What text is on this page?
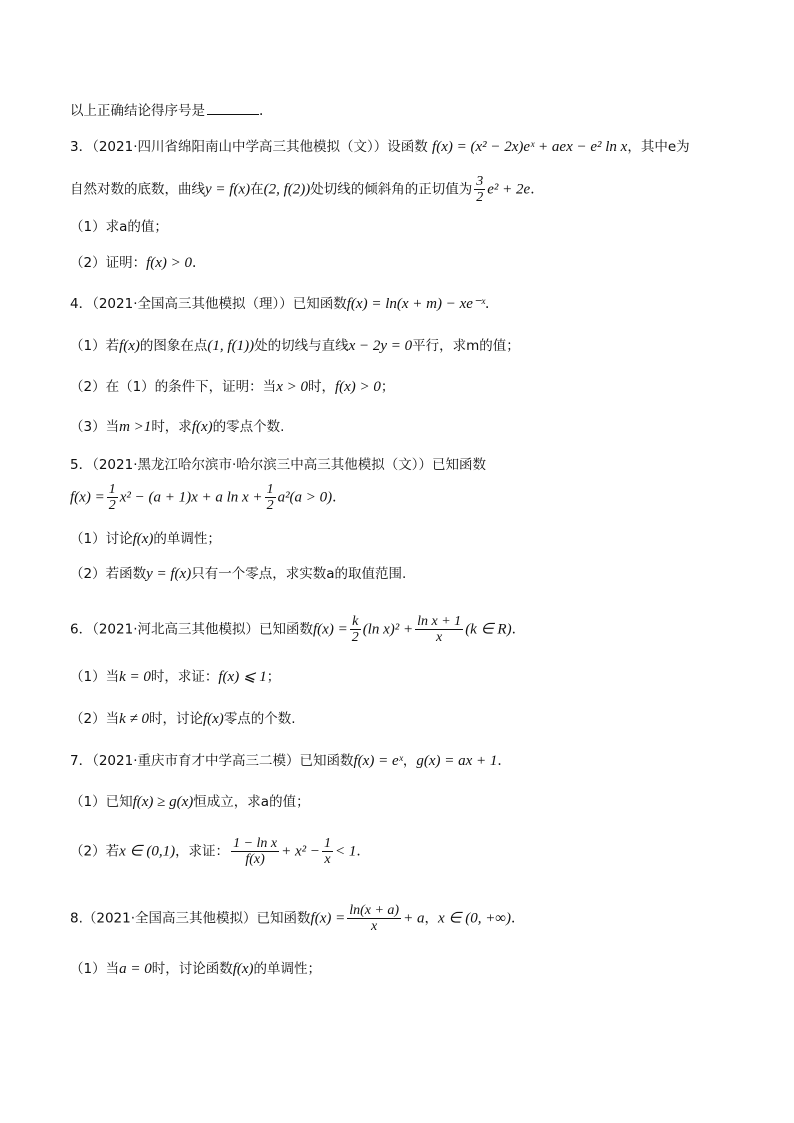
以上正确结论得序号是	.
3．（2021·四川省绵阳南山中学高三其他模拟（文））设函数 f(x) = (x² − 2x)eˣ + aex − e² ln x，其中e为
自然对数的底数，曲线y = f(x)在(2, f(2))处切线的倾斜角的正切值为 $\frac{3}{2} e^2 + 2e$.
（1）求a的值；
（2）证明：f(x) > 0.
4．（2021·全国高三其他模拟（理））已知函数f(x) = ln(x + m) − xe⁻ˣ.
（1）若f(x)的图象在点(1, f(1))处的切线与直线x − 2y = 0平行，求m的值；
（2）在（1）的条件下，证明：当x > 0时，f(x) > 0；
（3）当m >1时，求f(x)的零点个数.
5．（2021·黑龙江哈尔滨市·哈尔滨三中高三其他模拟（文））已知函数
$f(x) = \frac{1}{2} x^2 - (a + 1)x + a$ $\ln x + \frac{1}{2} a^2(a > 0)$.
（1）讨论f(x)的单调性；
（2）若函数y = f(x)只有一个零点，求实数a的取值范围.
6．（2021·河北高三其他模拟）已知函数$f(x) = \frac{k}{2} (\ln$ $x)^2 + \frac{\text{ln x + 1}}{x} (k$ ∈ R).
（1）当k = 0时，求证：f(x) ⩽ 1；
（2）当k ≠ 0时，讨论f(x)零点的个数.
7．（2021·重庆市育才中学高三二模）已知函数f(x) = eˣ，g(x) = ax + 1.
（1）已知f(x) ≥ g(x)恒成立，求a的值；
（2）若x ∈ (0,1)，求证： $\frac{\text{1 − ln x}}{f(x)} + x^2 - \frac{1}{x} < 1$.
8.（2021·全国高三其他模拟）已知函数$f(x) = \frac{\ln(x + a)}{x} + a$，x ∈ (0, +∞).
（1）当a = 0时，讨论函数f(x)的单调性；
